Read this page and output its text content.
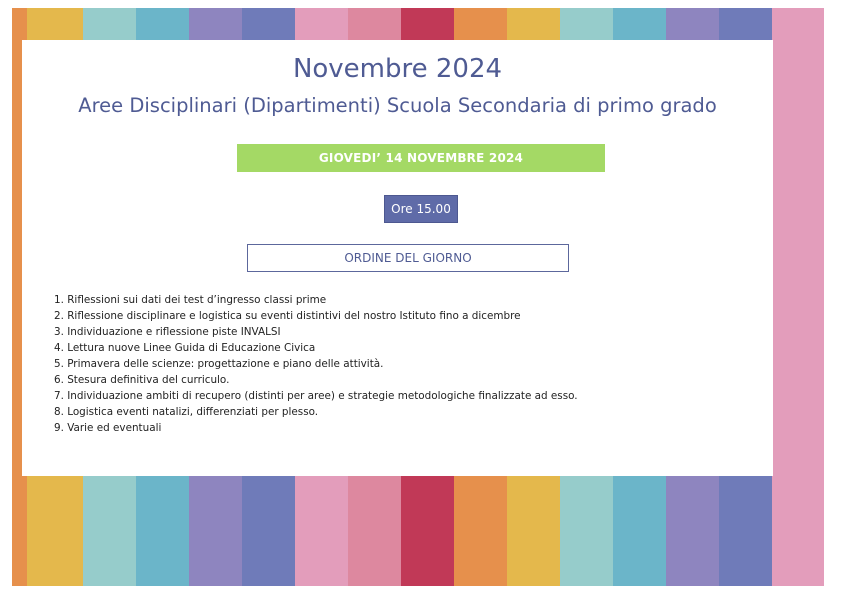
Novembre 2024
Aree Disciplinari (Dipartimenti) Scuola Secondaria di primo grado
GIOVEDI’ 14 NOVEMBRE 2024
Ore 15.00
ORDINE DEL GIORNO
1. Riflessioni sui dati dei test d’ingresso classi prime
2. Riflessione disciplinare e logistica su eventi distintivi del nostro Istituto fino a dicembre
3. Individuazione e riflessione piste INVALSI
4. Lettura nuove Linee Guida di Educazione Civica
5. Primavera delle scienze: progettazione e piano delle attività.
6. Stesura definitiva del curriculo.
7. Individuazione ambiti di recupero (distinti per aree) e strategie metodologiche finalizzate ad esso.
8. Logistica eventi natalizi, differenziati per plesso.
9. Varie ed eventuali
